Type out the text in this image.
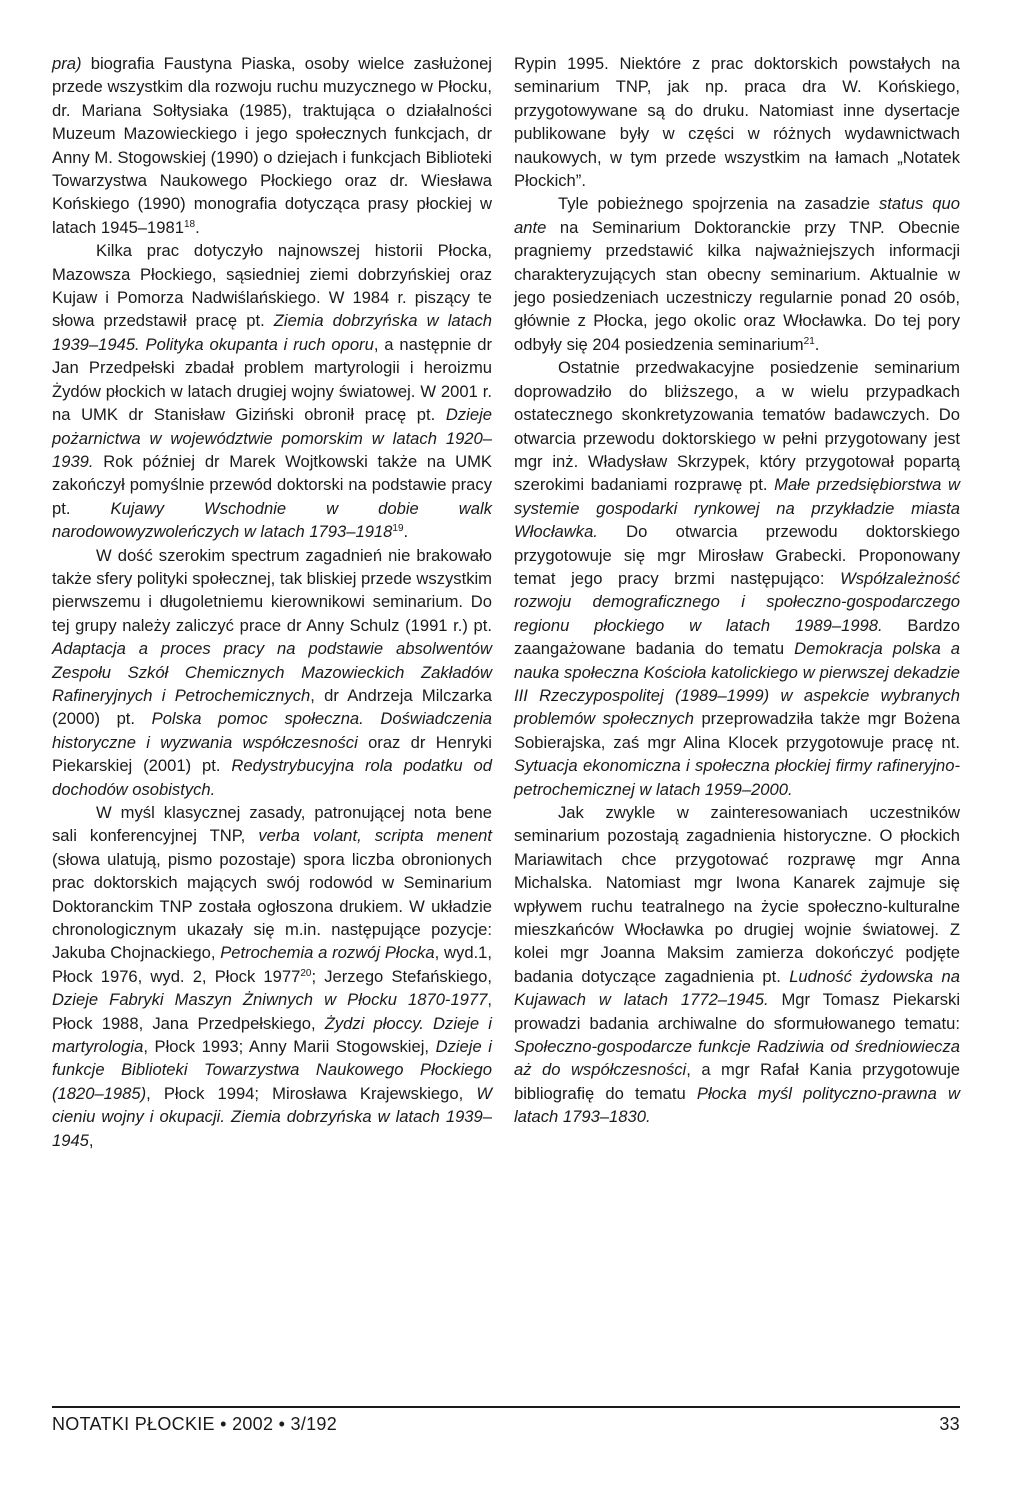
pra) biografia Faustyna Piaska, osoby wielce zasłużonej przede wszystkim dla rozwoju ruchu muzycznego w Płocku, dr. Mariana Sołtysiaka (1985), traktująca o działalności Muzeum Mazowieckiego i jego społecznych funkcjach, dr Anny M. Stogowskiej (1990) o dziejach i funkcjach Biblioteki Towarzystwa Naukowego Płockiego oraz dr. Wiesława Końskiego (1990) monografia dotycząca prasy płockiej w latach 1945–1981$^{18}$.

Kilka prac dotyczyło najnowszej historii Płocka, Mazowsza Płockiego, sąsiedniej ziemi dobrzyńskiej oraz Kujaw i Pomorza Nadwiślańskiego. W 1984 r. piszący te słowa przedstawił pracę pt. Ziemia dobrzyńska w latach 1939–1945. Polityka okupanta i ruch oporu, a następnie dr Jan Przedpełski zbadał problem martyrologii i heroizmu Żydów płockich w latach drugiej wojny światowej. W 2001 r. na UMK dr Stanisław Giziński obronił pracę pt. Dzieje pożarnictwa w województwie pomorskim w latach 1920–1939. Rok później dr Marek Wojtkowski także na UMK zakończył pomyślnie przewód doktorski na podstawie pracy pt. Kujawy Wschodnie w dobie walk narodowowyzwoleńczych w latach 1793–1918$^{19}$.

W dość szerokim spectrum zagadnień nie brakowało także sfery polityki społecznej, tak bliskiej przede wszystkim pierwszemu i długoletniemu kierownikowi seminarium. Do tej grupy należy zaliczyć prace dr Anny Schulz (1991 r.) pt. Adaptacja a proces pracy na podstawie absolwentów Zespołu Szkół Chemicznych Mazowieckich Zakładów Rafineryjnych i Petrochemicznych, dr Andrzeja Milczarka (2000) pt. Polska pomoc społeczna. Doświadczenia historyczne i wyzwania współczesności oraz dr Henryki Piekarskiej (2001) pt. Redystrybucyjna rola podatku od dochodów osobistych.

W myśl klasycznej zasady, patronującej nota bene sali konferencyjnej TNP, verba volant, scripta menent (słowa ulatują, pismo pozostaje) spora liczba obronionych prac doktorskich mających swój rodowód w Seminarium Doktoranckim TNP została ogłoszona drukiem. W układzie chronologicznym ukazały się m.in. następujące pozycje: Jakuba Chojnackiego, Petrochemia a rozwój Płocka, wyd.1, Płock 1976, wyd. 2, Płock 1977$^{20}$; Jerzego Stefańskiego, Dzieje Fabryki Maszyn Żniwnych w Płocku 1870-1977, Płock 1988, Jana Przedpełskiego, Żydzi płoccy. Dzieje i martyrologia, Płock 1993; Anny Marii Stogowskiej, Dzieje i funkcje Biblioteki Towarzystwa Naukowego Płockiego (1820–1985), Płock 1994; Mirosława Krajewskiego, W cieniu wojny i okupacji. Ziemia dobrzyńska w latach 1939–1945,

Rypin 1995. Niektóre z prac doktorskich powstałych na seminarium TNP, jak np. praca dra W. Końskiego, przygotowywane są do druku. Natomiast inne dysertacje publikowane były w części w różnych wydawnictwach naukowych, w tym przede wszystkim na łamach „Notatek Płockich”.

Tyle pobieżnego spojrzenia na zasadzie status quo ante na Seminarium Doktoranckie przy TNP. Obecnie pragniemy przedstawić kilka najważniejszych informacji charakteryzujących stan obecny seminarium. Aktualnie w jego posiedzeniach uczestniczy regularnie ponad 20 osób, głównie z Płocka, jego okolic oraz Włocławka. Do tej pory odbyły się 204 posiedzenia seminarium$^{21}$.

Ostatnie przedwakacyjne posiedzenie seminarium doprowadziło do bliższego, a w wielu przypadkach ostatecznego skonkretyzowania tematów badawczych. Do otwarcia przewodu doktorskiego w pełni przygotowany jest mgr inż. Władysław Skrzypek, który przygotował popartą szerokimi badaniami rozprawę pt. Małe przedsiębiorstwa w systemie gospodarki rynkowej na przykładzie miasta Włocławka. Do otwarcia przewodu doktorskiego przygotowuje się mgr Mirosław Grabecki. Proponowany temat jego pracy brzmi następująco: Współzależność rozwoju demograficznego i społeczno-gospodarczego regionu płockiego w latach 1989–1998. Bardzo zaangażowane badania do tematu Demokracja polska a nauka społeczna Kościoła katolickiego w pierwszej dekadzie III Rzeczypospolitej (1989–1999) w aspekcie wybranych problemów społecznych przeprowadziła także mgr Bożena Sobierajska, zaś mgr Alina Klocek przygotowuje pracę nt. Sytuacja ekonomiczna i społeczna płockiej firmy rafineryjno-petrochemicznej w latach 1959–2000.

Jak zwykle w zainteresowaniach uczestników seminarium pozostają zagadnienia historyczne. O płockich Mariawitach chce przygotować rozprawę mgr Anna Michalska. Natomiast mgr Iwona Kanarek zajmuje się wpływem ruchu teatralnego na życie społeczno-kulturalne mieszkańców Włocławka po drugiej wojnie światowej. Z kolei mgr Joanna Maksim zamierza dokończyć podjęte badania dotyczące zagadnienia pt. Ludność żydowska na Kujawach w latach 1772–1945. Mgr Tomasz Piekarski prowadzi badania archiwalne do sformułowanego tematu: Społeczno-gospodarcze funkcje Radziwia od średniowiecza aż do współczesności, a mgr Rafał Kania przygotowuje bibliografię do tematu Płocka myśl polityczno-prawna w latach 1793–1830.

NOTATKI PŁOCKIE • 2002 • 3/192	33
